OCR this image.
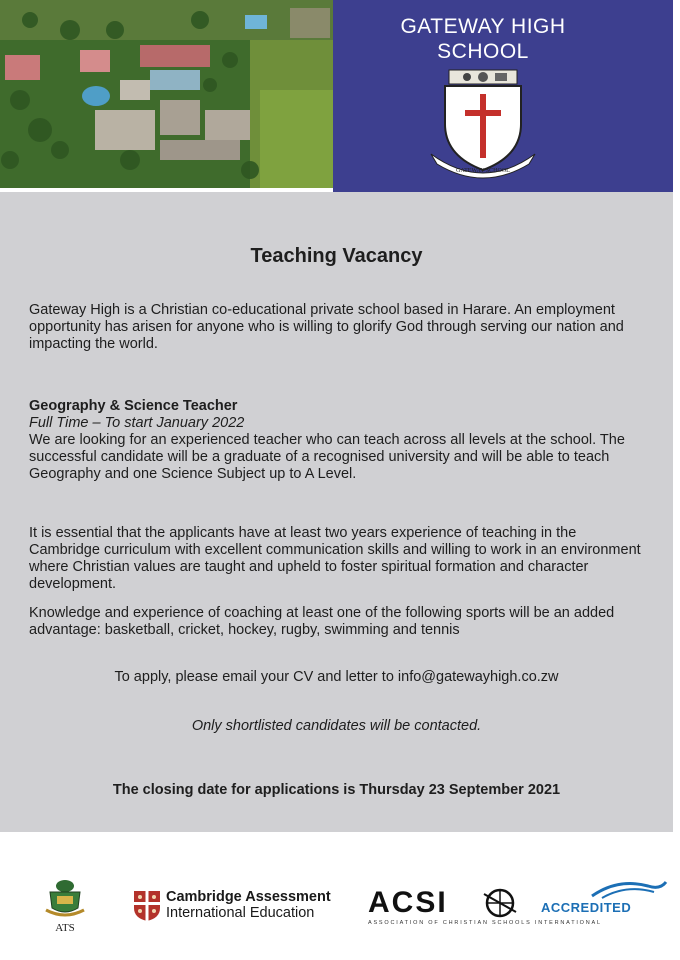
GATEWAY HIGH
SCHOOL
GATEWAY SCHOOL
Teaching Vacancy
Gateway High is a Christian co-educational private school based in Harare. An employment opportunity has arisen for anyone who is willing to glorify God through serving our nation and impacting the world.
Geography & Science Teacher
Full Time – To start January 2022
We are looking for an experienced teacher who can teach across all levels at the school. The successful candidate will be a graduate of a recognised university and will be able to teach Geography and one Science Subject up to A Level.
It is essential that the applicants have at least two years experience of teaching in the Cambridge curriculum with excellent communication skills and willing to work in an environment where Christian values are taught and upheld to foster spiritual formation and character development.
Knowledge and experience of coaching at least one of the following sports will be an added advantage: basketball, cricket, hockey, rugby, swimming and tennis
To apply, please email your CV and letter to info@gatewayhigh.co.zw
Only shortlisted candidates will be contacted.
The closing date for applications is Thursday 23 September 2021
ATS
Cambridge Assessment
International Education	ACSI	ACCREDITED
ASSOCIATION OF CHRISTIAN SCHOOLS INTERNATIONAL
